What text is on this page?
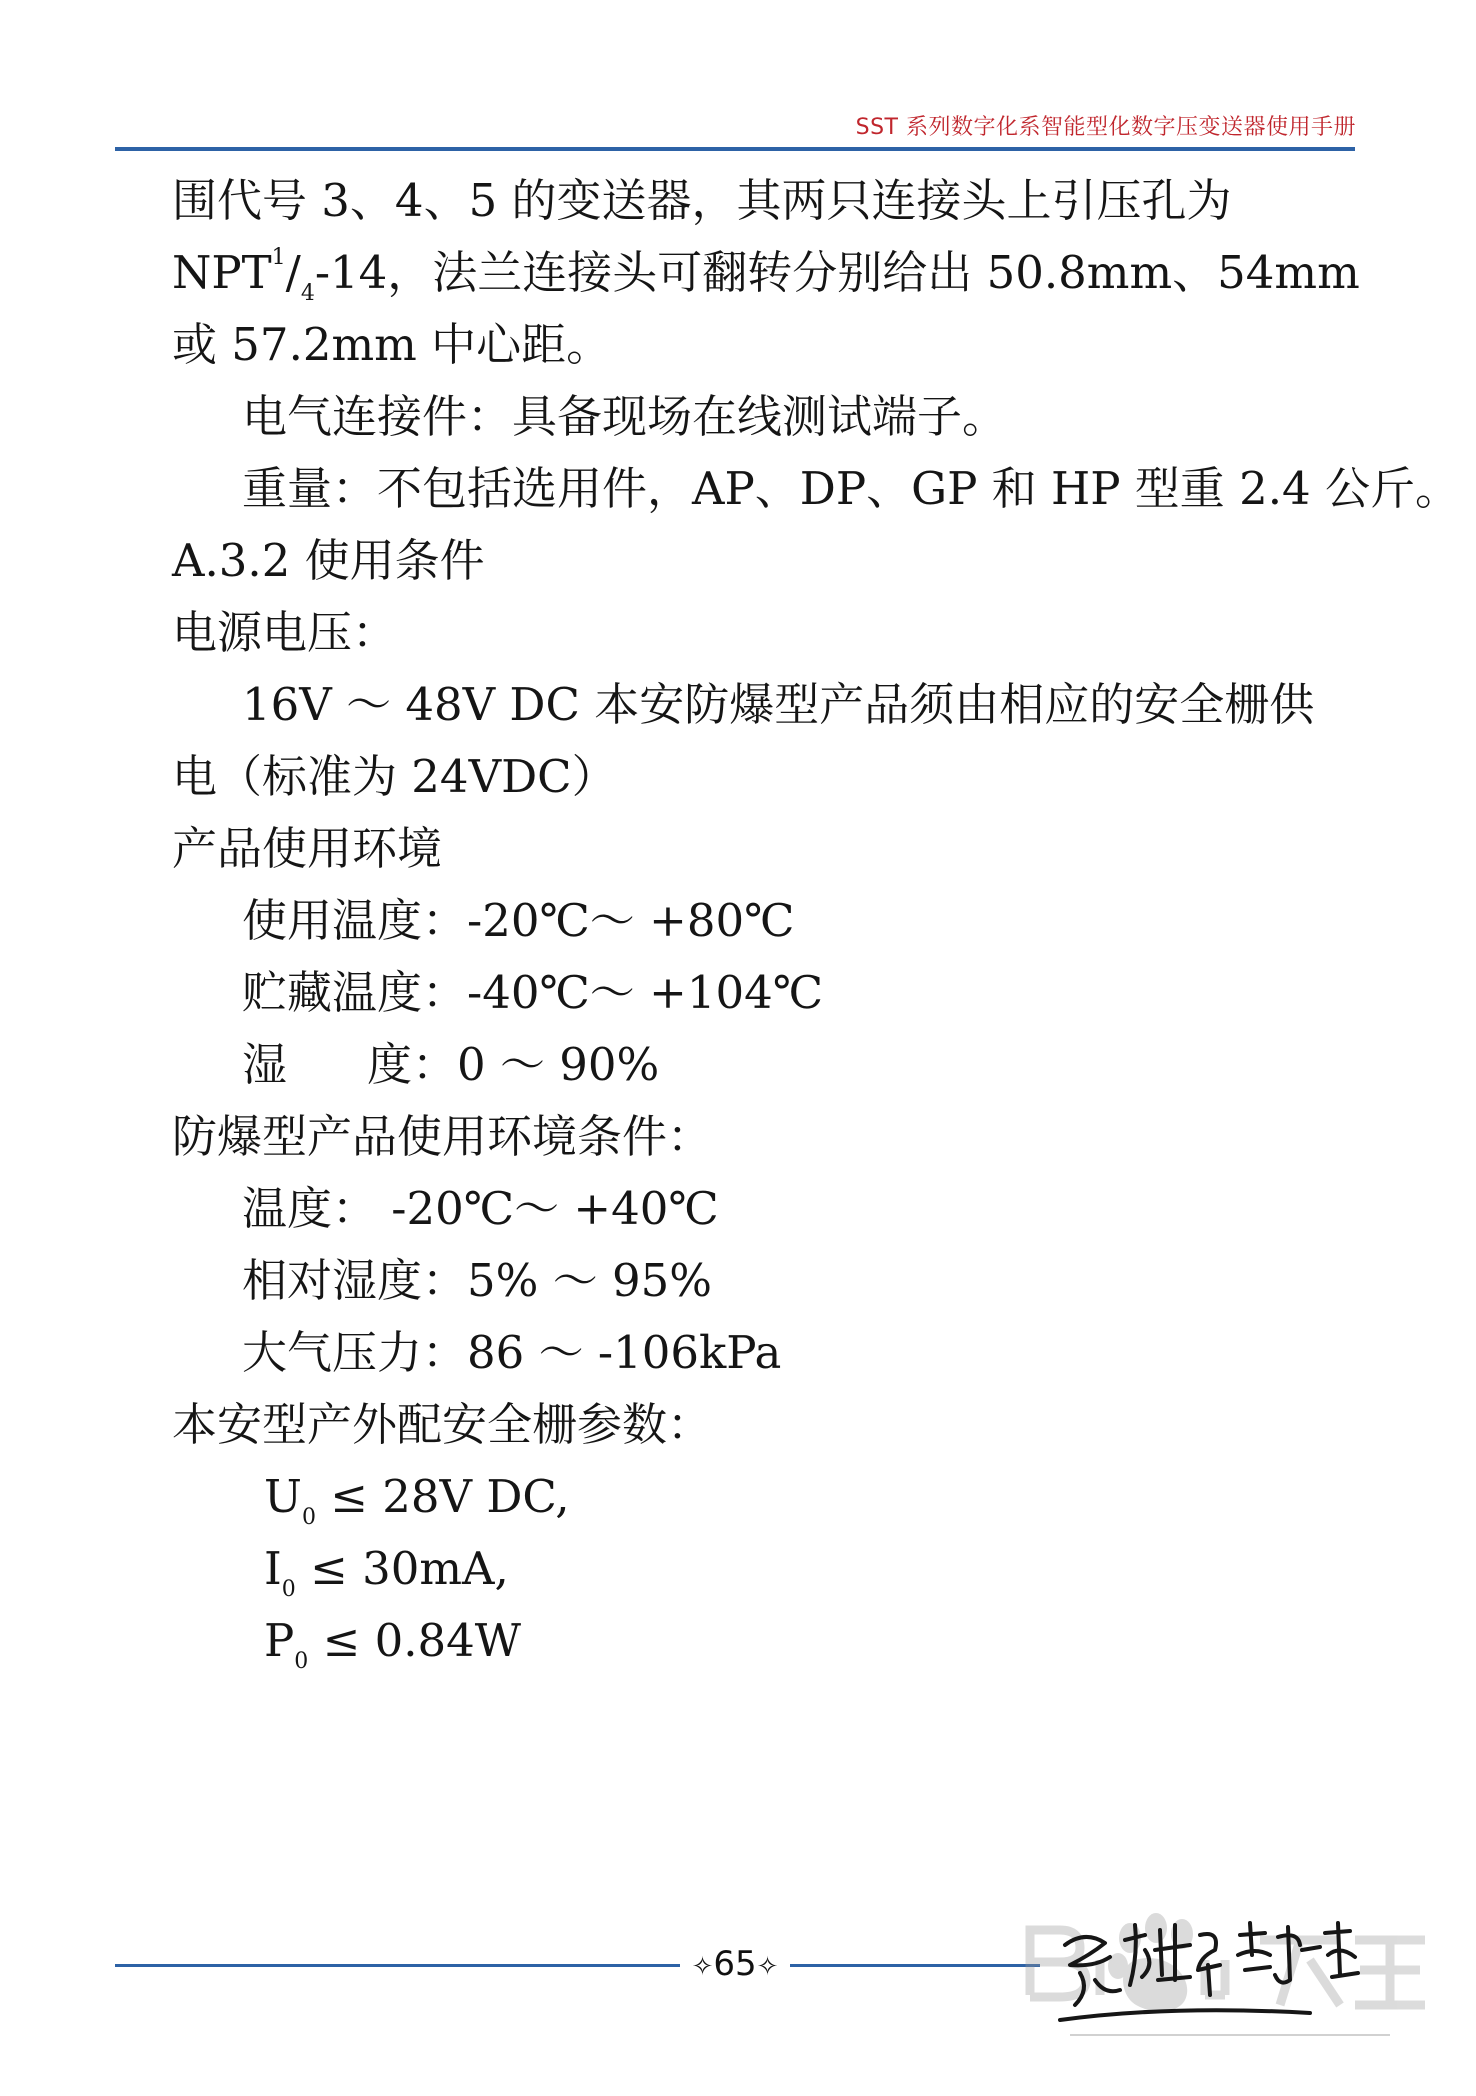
SST 系列数字化系智能型化数字压变送器使用手册
围代号 3、4、5 的变送器，其两只连接头上引压孔为
$NPT^1/_4-14$，法兰连接头可翻转分别给出 50.8mm、54mm
或 57.2mm 中心距。
电气连接件：具备现场在线测试端子。
重量：不包括选用件，AP、DP、GP 和 HP 型重 2.4 公斤。
A.3.2 使用条件
电源电压：
16V ～ 48V DC 本安防爆型产品须由相应的安全栅供
电（标准为 24VDC）
产品使用环境
使用温度：-20℃～ +80℃
贮藏温度：-40℃～ +104℃
湿 度：0 ～ 90%
防爆型产品使用环境条件：
温度： -20℃～ +40℃
相对湿度：5% ～ 95%
大气压力：86 ～ -106kPa
本安型产外配安全栅参数：
$U_0 \le 28V$ DC,
$I_0 \le 30mA$,
$P_0 \le 0.84W$
✧65✧
